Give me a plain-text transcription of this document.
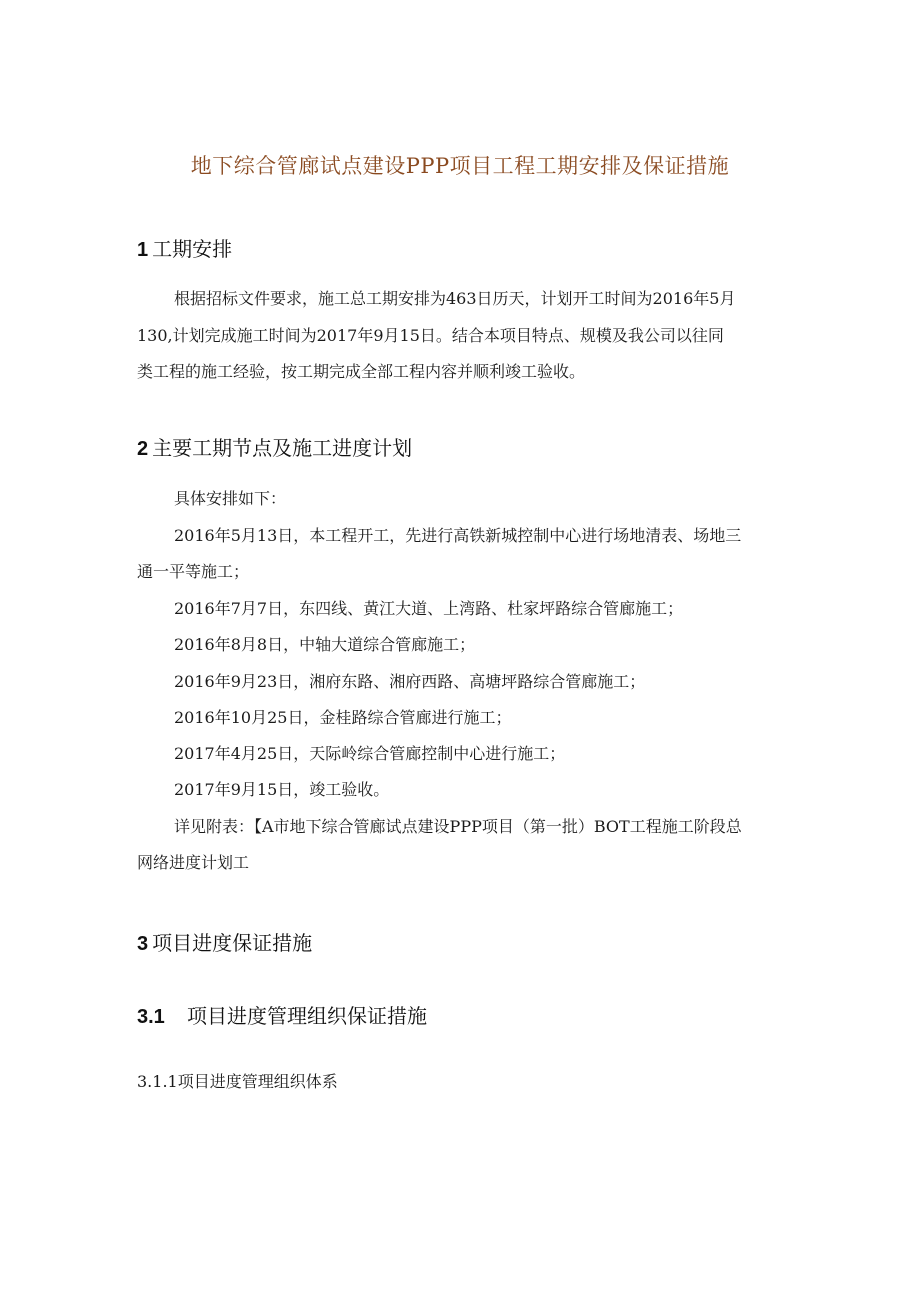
地下综合管廊试点建设PPP项目工程工期安排及保证措施
1 工期安排
根据招标文件要求，施工总工期安排为463日历天，计划开工时间为2016年5月
130,计划完成施工时间为2017年9月15日。结合本项目特点、规模及我公司以往同
类工程的施工经验，按工期完成全部工程内容并顺利竣工验收。
2 主要工期节点及施工进度计划
具体安排如下：
2016年5月13日，本工程开工，先进行高铁新城控制中心进行场地清表、场地三
通一平等施工；
2016年7月7日，东四线、黄江大道、上湾路、杜家坪路综合管廊施工；
2016年8月8日，中轴大道综合管廊施工；
2016年9月23日，湘府东路、湘府西路、高塘坪路综合管廊施工；
2016年10月25日，金桂路综合管廊进行施工；
2017年4月25日，天际岭综合管廊控制中心进行施工；
2017年9月15日，竣工验收。
详见附表：【A市地下综合管廊试点建设PPP项目（第一批）BOT工程施工阶段总
网络进度计划工
3 项目进度保证措施
3.1 项目进度管理组织保证措施
3.1.1项目进度管理组织体系
